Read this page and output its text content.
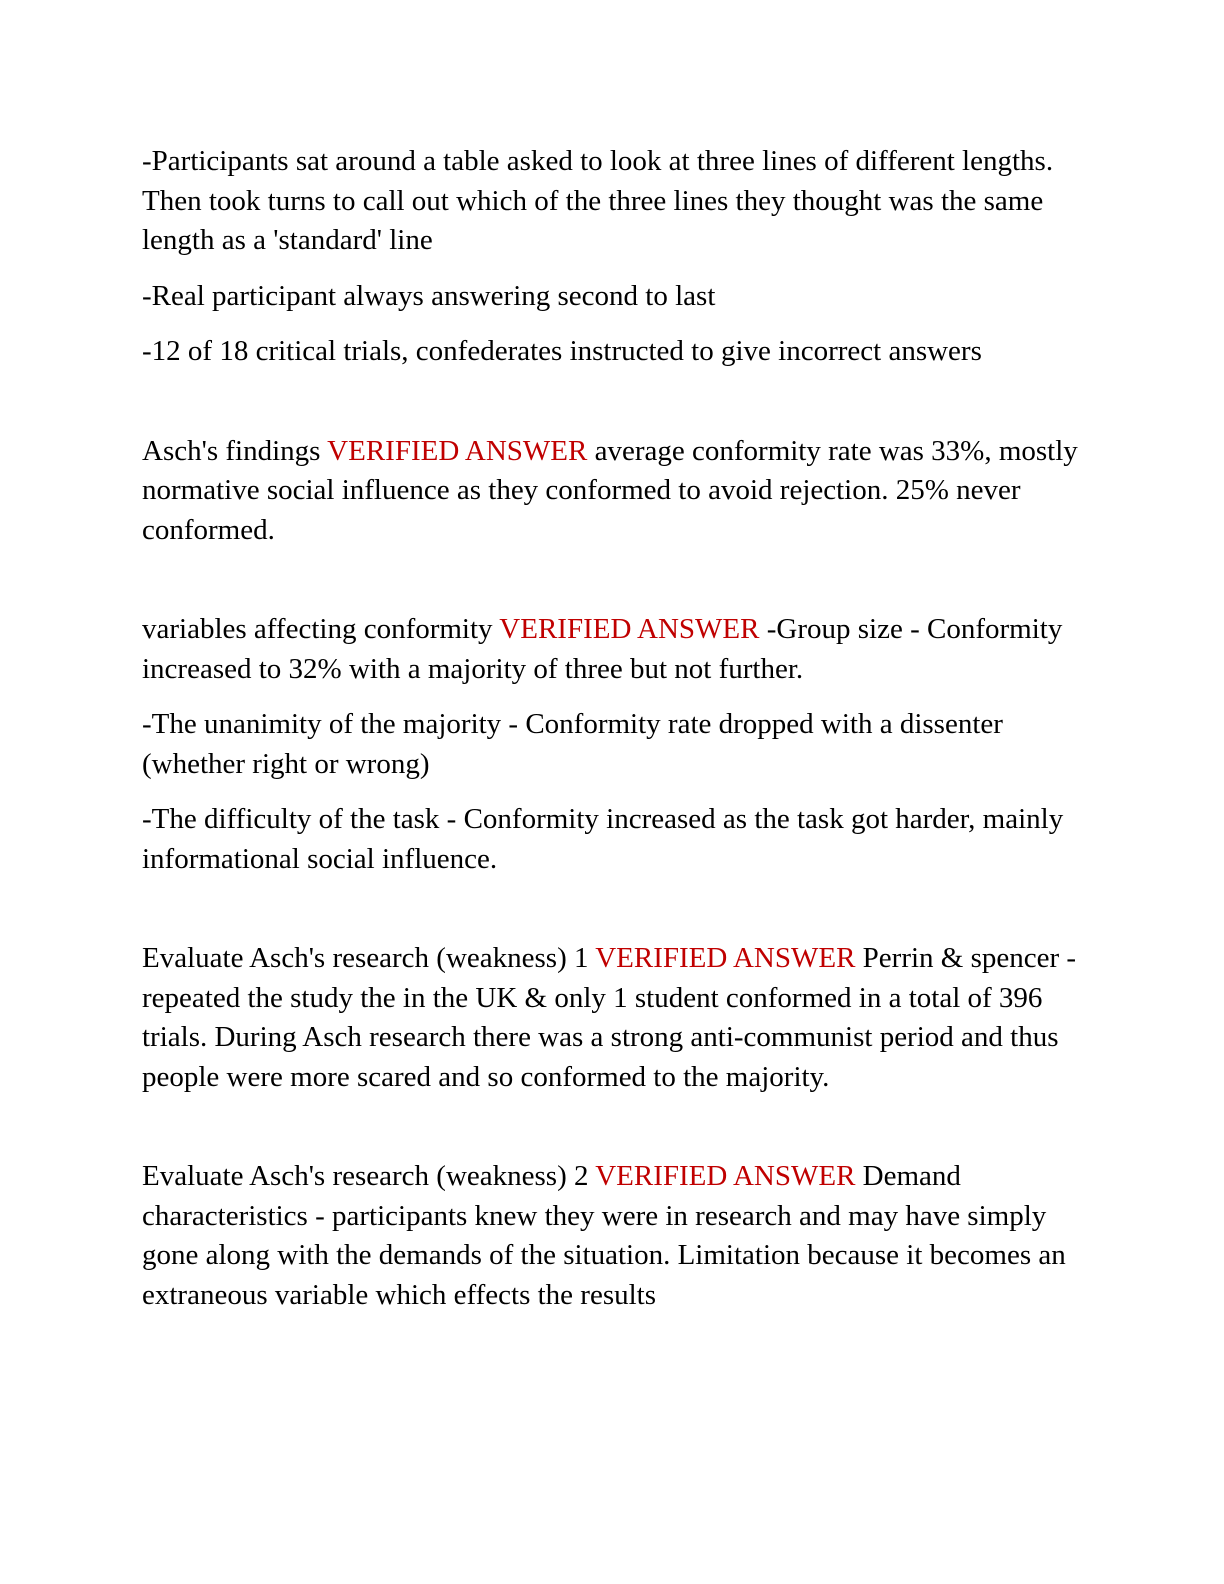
-Participants sat around a table asked to look at three lines of different lengths. Then took turns to call out which of the three lines they thought was the same length as a 'standard' line

-Real participant always answering second to last

-12 of 18 critical trials, confederates instructed to give incorrect answers

Asch's findings VERIFIED ANSWER average conformity rate was 33%, mostly normative social influence as they conformed to avoid rejection. 25% never conformed.

variables affecting conformity VERIFIED ANSWER -Group size - Conformity increased to 32% with a majority of three but not further.

-The unanimity of the majority - Conformity rate dropped with a dissenter (whether right or wrong)

-The difficulty of the task - Conformity increased as the task got harder, mainly informational social influence.

Evaluate Asch's research (weakness) 1 VERIFIED ANSWER Perrin & spencer - repeated the study the in the UK & only 1 student conformed in a total of 396 trials. During Asch research there was a strong anti-communist period and thus people were more scared and so conformed to the majority.

Evaluate Asch's research (weakness) 2 VERIFIED ANSWER Demand characteristics - participants knew they were in research and may have simply gone along with the demands of the situation. Limitation because it becomes an extraneous variable which effects the results
